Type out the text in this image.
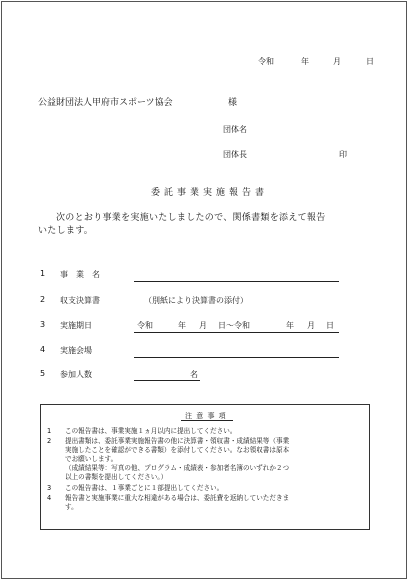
令和	年	月	日
公益財団法人甲府市スポーツ協会	様
団体名
団体長	印
委託事業実施報告書
次のとおり事業を実施いたしましたので、関係書類を添えて報告
いたします。
1 事　業　名
2 収支決算書	（別紙により決算書の添付）
3 実施期日	令和	年 月 日～令和	年 月 日
4 実施会場
5 参加人数	名
注 意 事 項
1 この報告書は、事業実施１ヵ月以内に提出してください。
2 提出書類は、委託事業実施報告書の他に決算書・領収書・成績結果等（事業
実施したことを確認ができる書類）を添付してください。なお領収書は原本
でお願いします。
（成績結果等：写真の他、プログラム・成績表・参加者名簿のいずれか２つ
以上の書類を提出してください。）
3 この報告書は、１事業ごとに１部提出してください。
4 報告書と実施事業に重大な相違がある場合は、委託費を返納していただきま
す。
